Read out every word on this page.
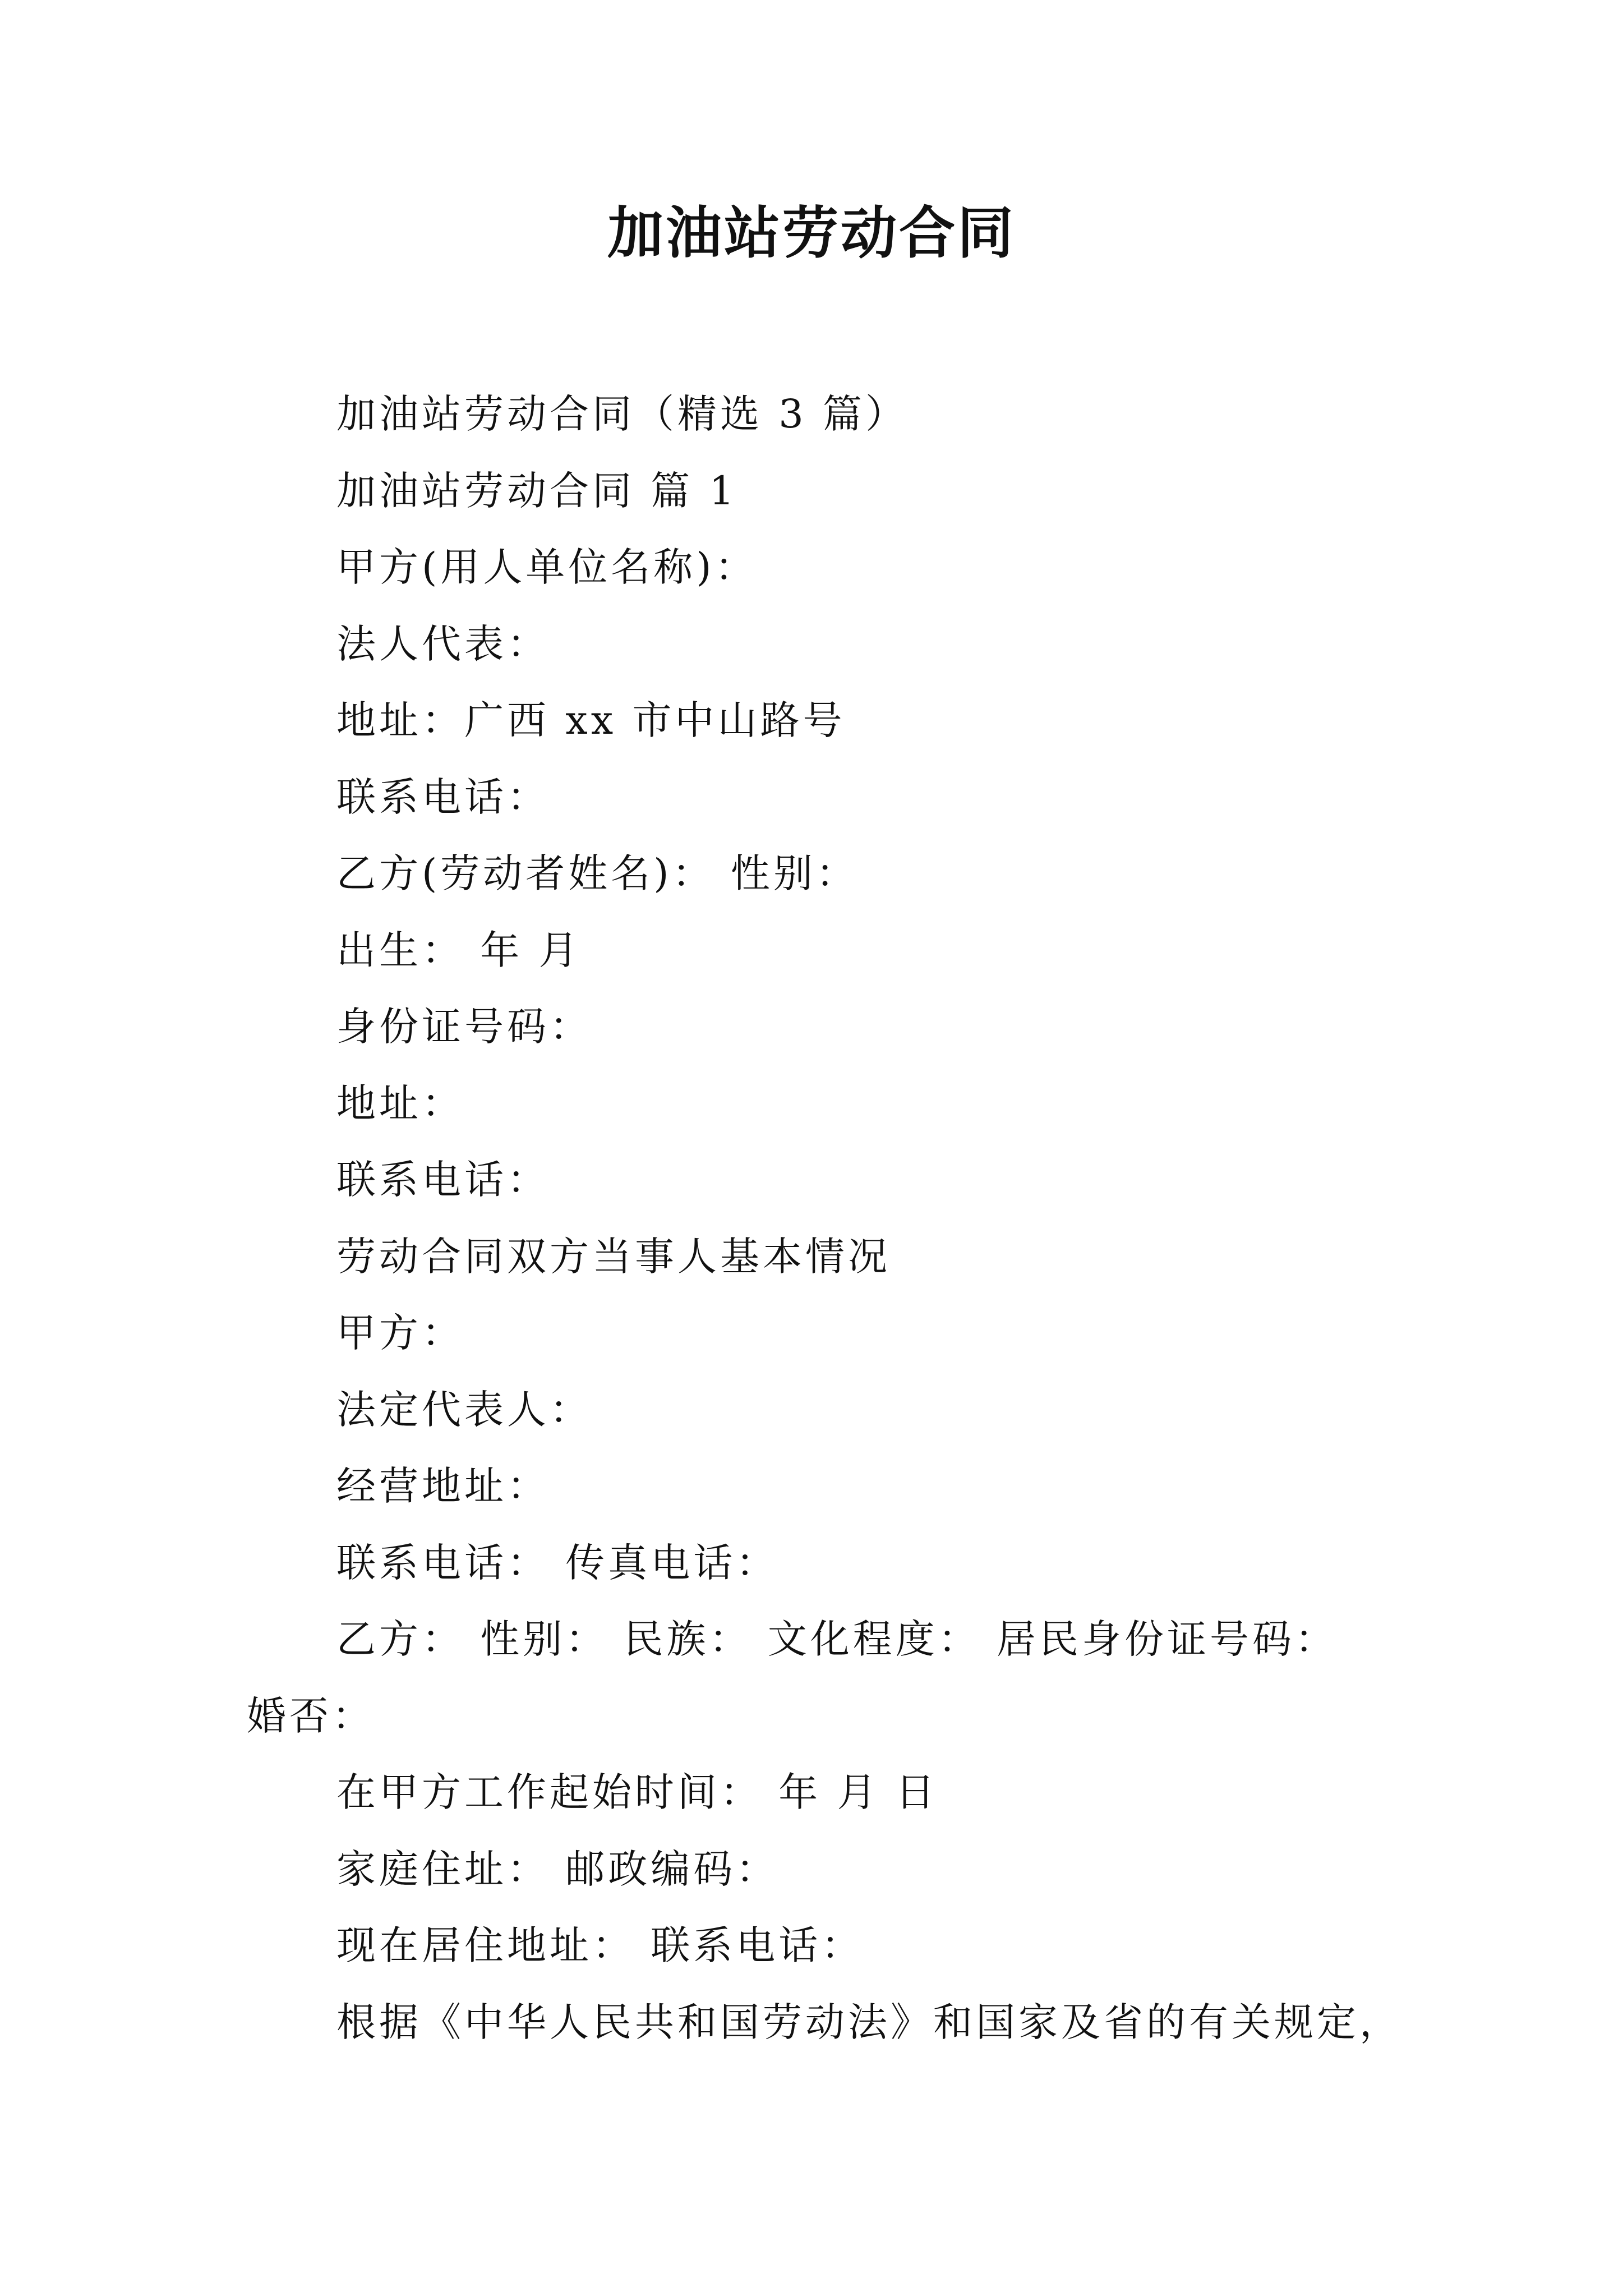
加油站劳动合同
加油站劳动合同（精选 3 篇）
加油站劳动合同 篇 1
甲方(用人单位名称)：
法人代表：
地址：广西 xx 市中山路号
联系电话：
乙方(劳动者姓名)： 性别：
出生： 年 月
身份证号码：
地址：
联系电话：
劳动合同双方当事人基本情况
甲方：
法定代表人：
经营地址：
联系电话： 传真电话：
乙方： 性别： 民族： 文化程度： 居民身份证号码：
婚否：
在甲方工作起始时间： 年 月 日
家庭住址： 邮政编码：
现在居住地址： 联系电话：
根据《中华人民共和国劳动法》和国家及省的有关规定，
